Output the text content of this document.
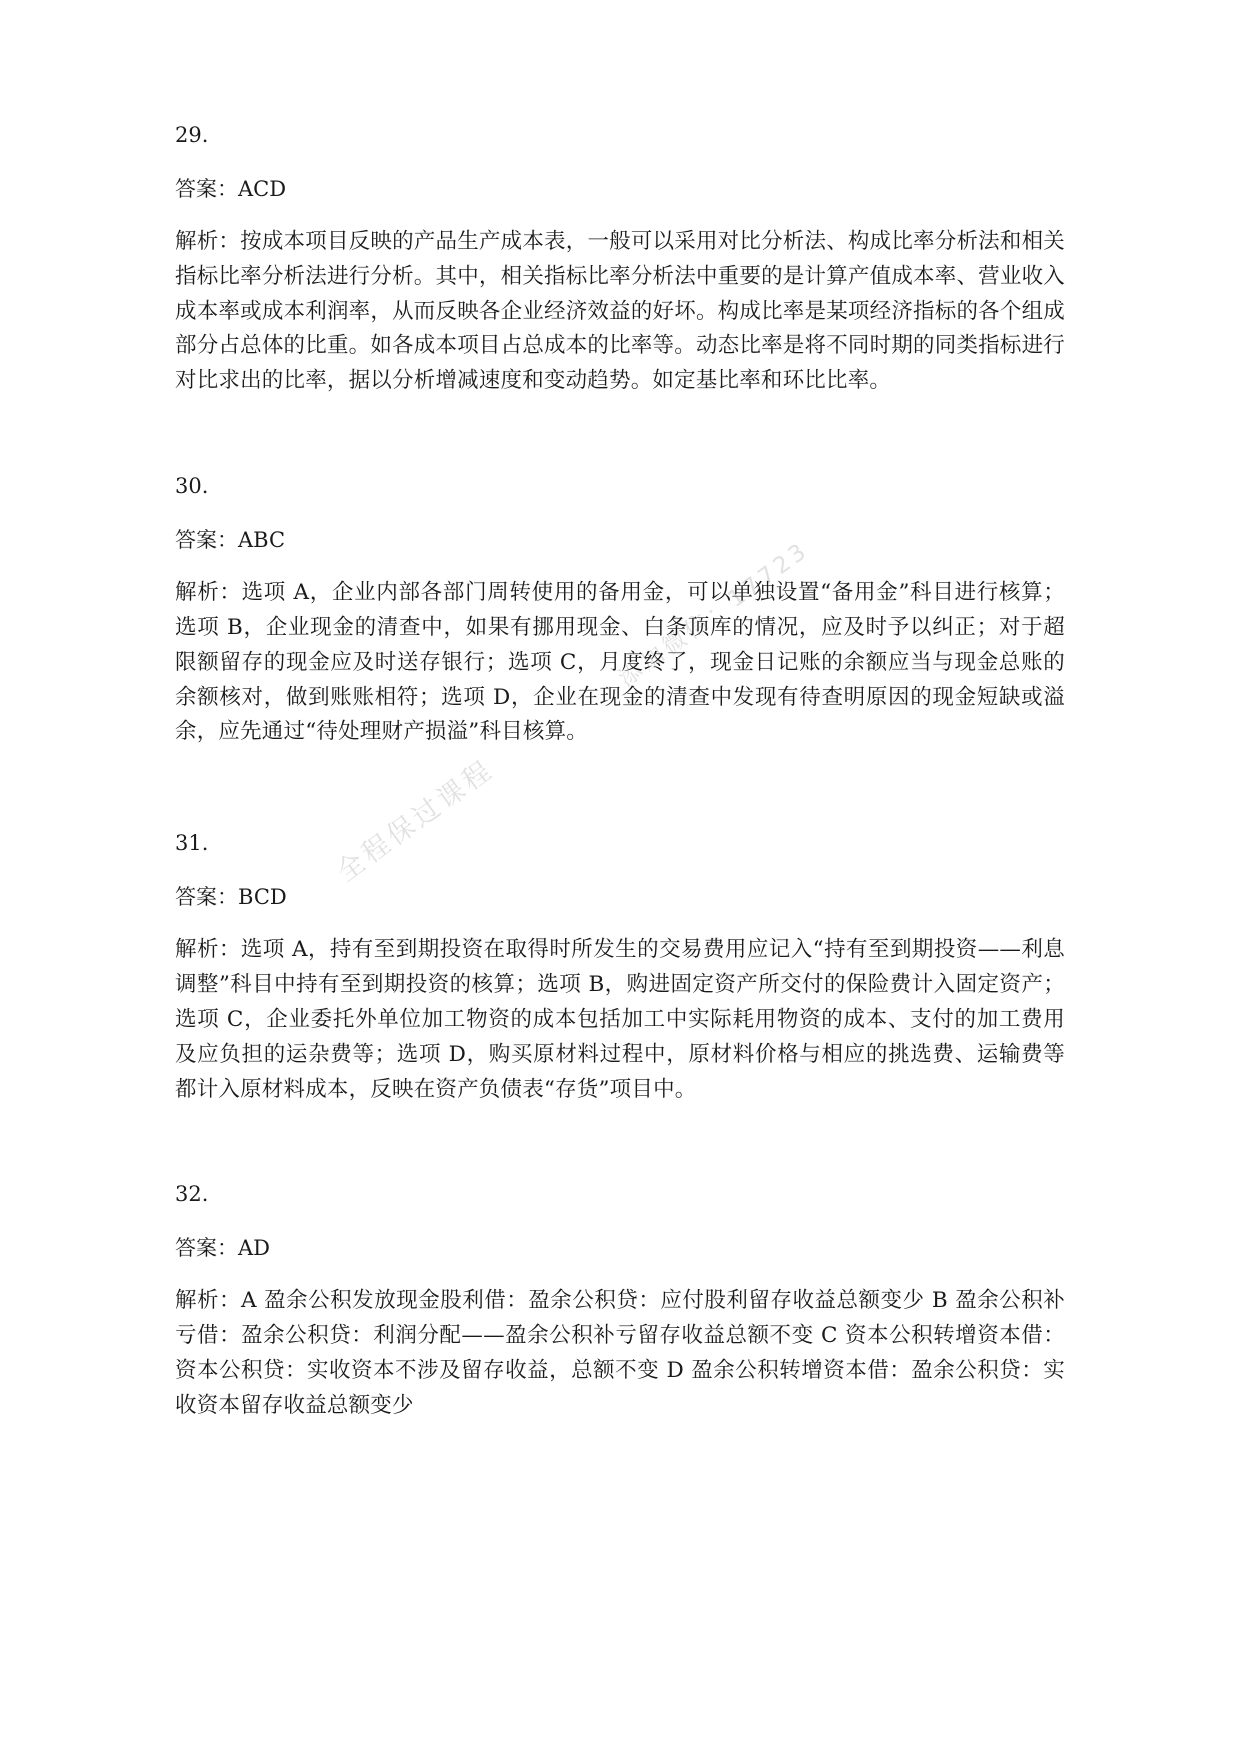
全程保过课程
添加微信：17723

29.

答案：ACD

解析：按成本项目反映的产品生产成本表，一般可以采用对比分析法、构成比率分析法和相关指标比率分析法进行分析。其中，相关指标比率分析法中重要的是计算产值成本率、营业收入成本率或成本利润率，从而反映各企业经济效益的好坏。构成比率是某项经济指标的各个组成部分占总体的比重。如各成本项目占总成本的比率等。动态比率是将不同时期的同类指标进行对比求出的比率，据以分析增减速度和变动趋势。如定基比率和环比比率。

30.

答案：ABC

解析：选项 A，企业内部各部门周转使用的备用金，可以单独设置“备用金”科目进行核算；选项 B，企业现金的清查中，如果有挪用现金、白条顶库的情况，应及时予以纠正；对于超限额留存的现金应及时送存银行；选项 C，月度终了，现金日记账的余额应当与现金总账的余额核对，做到账账相符；选项 D，企业在现金的清查中发现有待查明原因的现金短缺或溢余，应先通过“待处理财产损溢”科目核算。

31.

答案：BCD

解析：选项 A，持有至到期投资在取得时所发生的交易费用应记入“持有至到期投资——利息调整”科目中持有至到期投资的核算；选项 B，购进固定资产所交付的保险费计入固定资产；选项 C，企业委托外单位加工物资的成本包括加工中实际耗用物资的成本、支付的加工费用及应负担的运杂费等；选项 D，购买原材料过程中，原材料价格与相应的挑选费、运输费等都计入原材料成本，反映在资产负债表“存货”项目中。

32.

答案：AD

解析：A 盈余公积发放现金股利借：盈余公积贷：应付股利留存收益总额变少 B 盈余公积补亏借：盈余公积贷：利润分配——盈余公积补亏留存收益总额不变 C 资本公积转增资本借：资本公积贷：实收资本不涉及留存收益，总额不变 D 盈余公积转增资本借：盈余公积贷：实收资本留存收益总额变少
